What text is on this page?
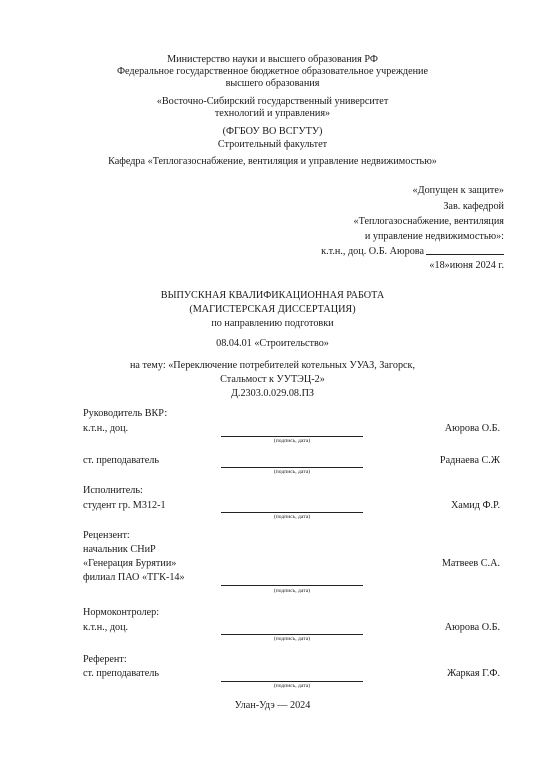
Министерство науки и высшего образования РФ
Федеральное государственное бюджетное образовательное учреждение
высшего образования
«Восточно-Сибирский государственный университет
технологий и управления»
(ФГБОУ ВО ВСГУТУ)
Строительный факультет
Кафедра «Теплогазоснабжение, вентиляция и управление недвижимостью»
«Допущен к защите»
Зав. кафедрой
«Теплогазоснабжение, вентиляция
и управление недвижимостью»:
к.т.н., доц. О.Б. Аюрова
«18»июня 2024 г.
ВЫПУСКНАЯ КВАЛИФИКАЦИОННАЯ РАБОТА
(МАГИСТЕРСКАЯ ДИССЕРТАЦИЯ)
по направлению подготовки
08.04.01 «Строительство»
на тему: «Переключение потребителей котельных УУАЗ, Загорск,
Стальмост к УУТЭЦ-2»
Д.2303.0.029.08.ПЗ
Руководитель ВКР:
к.т.н., доц.
(подпись, дата)
Аюрова О.Б.
ст. преподаватель
(подпись, дата)
Раднаева С.Ж
Исполнитель:
студент гр. М312-1
(подпись, дата)
Хамид Ф.Р.
Рецензент:
начальник СНиР
«Генерация Бурятии»
филиал ПАО «ТГК-14»
(подпись, дата)
Матвеев С.А.
Нормоконтролер:
к.т.н., доц.
(подпись, дата)
Аюрова О.Б.
Референт:
ст. преподаватель
(подпись, дата)
Жаркая Г.Ф.
Улан-Удэ — 2024
